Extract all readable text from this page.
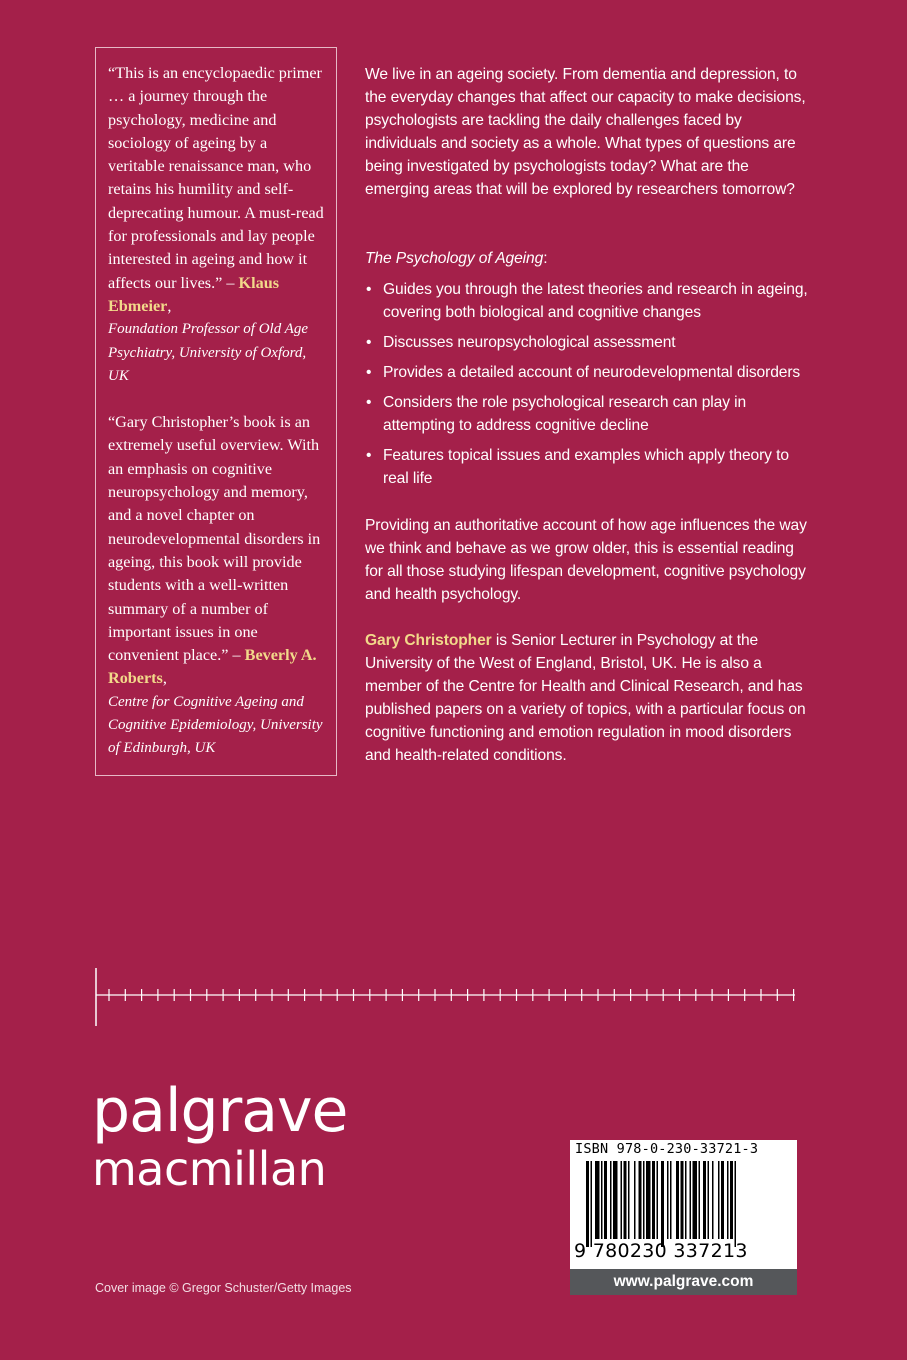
“This is an encyclopaedic primer … a journey through the psychology, medicine and sociology of ageing by a veritable renaissance man, who retains his humility and self-deprecating humour. A must-read for professionals and lay people interested in ageing and how it affects our lives.” – Klaus Ebmeier,
Foundation Professor of Old Age Psychiatry, University of Oxford, UK

“Gary Christopher’s book is an extremely useful overview. With an emphasis on cognitive neuropsychology and memory, and a novel chapter on neurodevelopmental disorders in ageing, this book will provide students with a well-written summary of a number of important issues in one convenient place.” – Beverly A. Roberts,
Centre for Cognitive Ageing and Cognitive Epidemiology, University of Edinburgh, UK

We live in an ageing society. From dementia and depression, to the everyday changes that affect our capacity to make decisions, psychologists are tackling the daily challenges faced by individuals and society as a whole. What types of questions are being investigated by psychologists today? What are the emerging areas that will be explored by researchers tomorrow?

The Psychology of Ageing:

• Guides you through the latest theories and research in ageing, covering both biological and cognitive changes
• Discusses neuropsychological assessment
• Provides a detailed account of neurodevelopmental disorders
• Considers the role psychological research can play in attempting to address cognitive decline
• Features topical issues and examples which apply theory to real life

Providing an authoritative account of how age influences the way we think and behave as we grow older, this is essential reading for all those studying lifespan development, cognitive psychology and health psychology.

Gary Christopher is Senior Lecturer in Psychology at the University of the West of England, Bristol, UK. He is also a member of the Centre for Health and Clinical Research, and has published papers on a variety of topics, with a particular focus on cognitive functioning and emotion regulation in mood disorders and health-related conditions.

palgrave
macmillan
Cover image © Gregor Schuster/Getty Images
ISBN 978-0-230-33721-3
9 780230 337213
www.palgrave.com
